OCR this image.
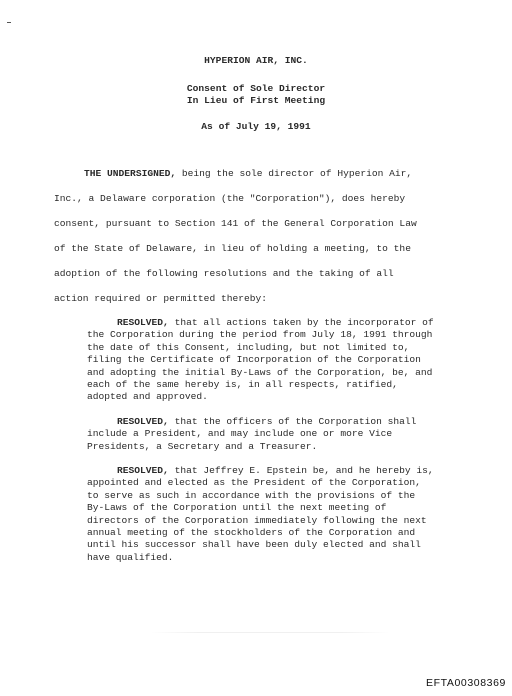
HYPERION AIR, INC.
Consent of Sole Director
In Lieu of First Meeting
As of July 19, 1991
THE UNDERSIGNED, being the sole director of Hyperion Air,
Inc., a Delaware corporation (the "Corporation"), does hereby
consent, pursuant to Section 141 of the General Corporation Law
of the State of Delaware, in lieu of holding a meeting, to the
adoption of the following resolutions and the taking of all
action required or permitted thereby:
RESOLVED, that all actions taken by the incorporator of
the Corporation during the period from July 18, 1991 through
the date of this Consent, including, but not limited to,
filing the Certificate of Incorporation of the Corporation
and adopting the initial By-Laws of the Corporation, be, and
each of the same hereby is, in all respects, ratified,
adopted and approved.
RESOLVED, that the officers of the Corporation shall
include a President, and may include one or more Vice
Presidents, a Secretary and a Treasurer.
RESOLVED, that Jeffrey E. Epstein be, and he hereby is,
appointed and elected as the President of the Corporation,
to serve as such in accordance with the provisions of the
By-Laws of the Corporation until the next meeting of
directors of the Corporation immediately following the next
annual meeting of the stockholders of the Corporation and
until his successor shall have been duly elected and shall
have qualified.
EFTA00308369
